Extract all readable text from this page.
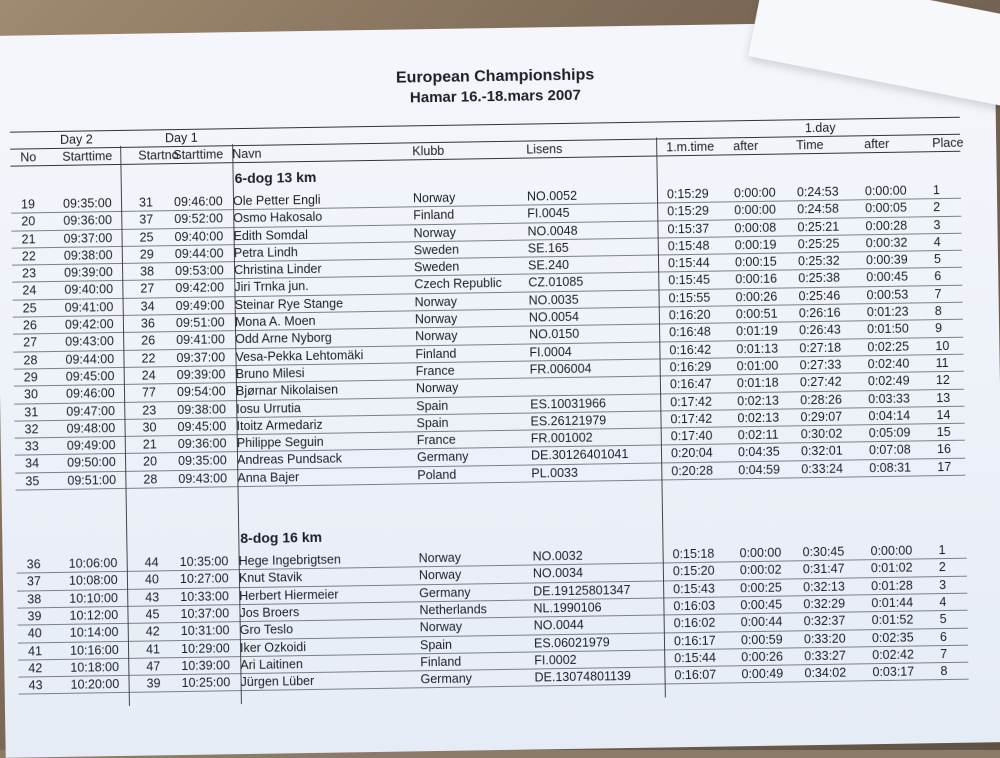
European Championships
Hamar 16.-18.mars 2007
Day 2	Day 1
1.day
No Starttime Startno
Starttime Navn	Klubb	Lisens	1.m.time after	Time	after	Place
6-dog 13 km
19 09:35:00 31 09:46:00 Ole Petter Engli	Norway	NO.0052	0:15:29 0:00:00 0:24:53 0:00:00 1
20 09:36:00 37 09:52:00 Osmo Hakosalo	Finland	FI.0045	0:15:29 0:00:00 0:24:58 0:00:05 2
21 09:37:00 25 09:40:00 Edith Somdal	Norway	NO.0048	0:15:37 0:00:08 0:25:21 0:00:28 3
22 09:38:00 29 09:44:00 Petra Lindh	Sweden	SE.165	0:15:48 0:00:19 0:25:25 0:00:32 4
23 09:39:00 38 09:53:00 Christina Linder	Sweden	SE.240	0:15:44 0:00:15 0:25:32 0:00:39 5
24 09:40:00 27 09:42:00 Jiri Trnka jun.	Czech Republic CZ.01085	0:15:45 0:00:16 0:25:38 0:00:45 6
25 09:41:00 34 09:49:00 Steinar Rye Stange	Norway	NO.0035	0:15:55 0:00:26 0:25:46 0:00:53 7
26 09:42:00 36 09:51:00 Mona A. Moen	Norway	NO.0054	0:16:20 0:00:51 0:26:16 0:01:23 8
27 09:43:00 26 09:41:00 Odd Arne Nyborg	Norway	NO.0150	0:16:48 0:01:19 0:26:43 0:01:50 9
28 09:44:00 22 09:37:00 Vesa-Pekka Lehtomäki	Finland	FI.0004	0:16:42 0:01:13 0:27:18 0:02:25 10
29 09:45:00 24 09:39:00 Bruno Milesi	France	FR.006004	0:16:29 0:01:00 0:27:33 0:02:40 11
30 09:46:00 77 09:54:00 Bjørnar Nikolaisen	Norway	0:16:47 0:01:18 0:27:42 0:02:49 12
31 09:47:00 23 09:38:00 Iosu Urrutia	Spain	ES.10031966	0:17:42 0:02:13 0:28:26 0:03:33 13
32 09:48:00 30 09:45:00 Itoitz Armedariz	Spain	ES.26121979	0:17:42 0:02:13 0:29:07 0:04:14 14
33 09:49:00 21 09:36:00 Philippe Seguin	France	FR.001002	0:17:40 0:02:11 0:30:02 0:05:09 15
34 09:50:00 20 09:35:00 Andreas Pundsack	Germany	DE.30126401041	0:20:04 0:04:35 0:32:01 0:07:08 16
35 09:51:00 28 09:43:00 Anna Bajer	Poland	PL.0033	0:20:28 0:04:59 0:33:24 0:08:31 17
8-dog 16 km
36 10:06:00 44 10:35:00 Hege Ingebrigtsen	Norway	NO.0032	0:15:18 0:00:00 0:30:45 0:00:00 1
37 10:08:00 40 10:27:00 Knut Stavik	Norway	NO.0034	0:15:20 0:00:02 0:31:47 0:01:02 2
38 10:10:00 43 10:33:00 Herbert Hiermeier	Germany	DE.19125801347	0:15:43 0:00:25 0:32:13 0:01:28 3
39 10:12:00 45 10:37:00 Jos Broers	Netherlands	NL.1990106	0:16:03 0:00:45 0:32:29 0:01:44 4
40 10:14:00 42 10:31:00 Gro Teslo	Norway	NO.0044	0:16:02 0:00:44 0:32:37 0:01:52 5
41 10:16:00 41 10:29:00 Iker Ozkoidi	Spain	ES.06021979	0:16:17 0:00:59 0:33:20 0:02:35 6
42 10:18:00 47 10:39:00 Ari Laitinen	Finland	FI.0002	0:15:44 0:00:26 0:33:27 0:02:42 7
43 10:20:00 39 10:25:00 Jürgen Lüber	Germany	DE.13074801139	0:16:07 0:00:49 0:34:02 0:03:17 8
